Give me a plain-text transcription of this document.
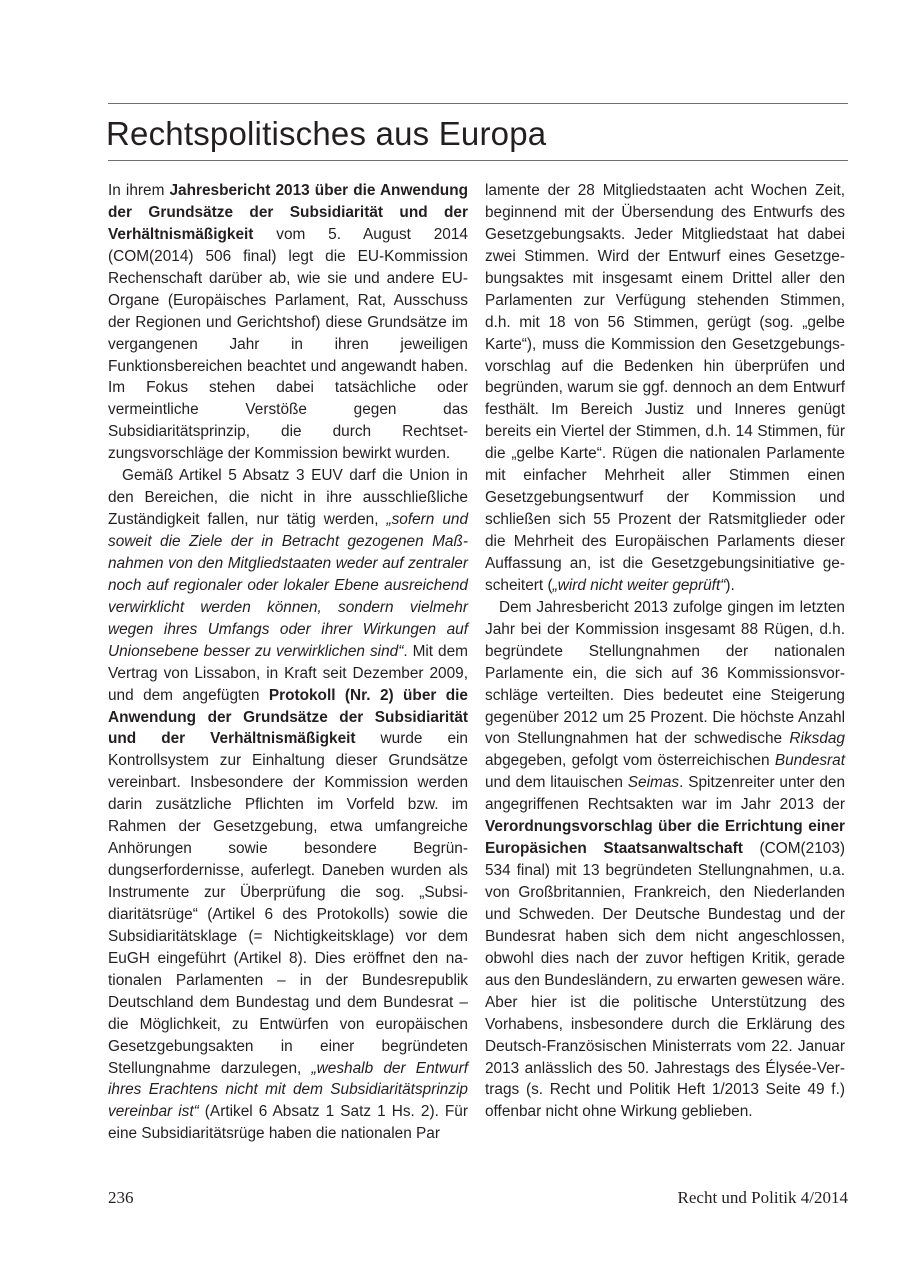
Rechtspolitisches aus Europa

In ihrem Jahresbericht 2013 über die Anwendung der Grundsätze der Subsidiarität und der Verhältnismäßigkeit vom 5. August 2014 (COM(2014) 506 final) legt die EU-Kommission Rechenschaft darüber ab, wie sie und andere EU-Organe (Europäisches Parlament, Rat, Ausschuss der Regionen und Gerichtshof) diese Grundsätze im vergangenen Jahr in ihren jeweiligen Funktionsbereichen beachtet und angewandt haben. Im Fokus stehen dabei tatsächliche oder vermeintliche Verstöße gegen das Subsidiaritätsprinzip, die durch Rechtsetzungsvorschläge der Kommission bewirkt wurden.

Gemäß Artikel 5 Absatz 3 EUV darf die Union in den Bereichen, die nicht in ihre ausschließliche Zuständigkeit fallen, nur tätig werden, „sofern und soweit die Ziele der in Betracht gezogenen Maßnahmen von den Mitgliedstaaten weder auf zentraler noch auf regionaler oder lokaler Ebene ausreichend verwirklicht werden können, sondern vielmehr wegen ihres Umfangs oder ihrer Wirkungen auf Unionsebene besser zu verwirklichen sind“. Mit dem Vertrag von Lissabon, in Kraft seit Dezember 2009, und dem angefügten Protokoll (Nr. 2) über die Anwendung der Grundsätze der Subsidiarität und der Verhältnismäßigkeit wurde ein Kontrollsystem zur Einhaltung dieser Grundsätze vereinbart. Insbesondere der Kommission werden darin zusätzliche Pflichten im Vorfeld bzw. im Rahmen der Gesetzgebung, etwa umfangreiche Anhörungen sowie besondere Begründungserfordernisse, auferlegt. Daneben wurden als Instrumente zur Überprüfung die sog. „Subsidiaritätsrüge“ (Artikel 6 des Protokolls) sowie die Subsidiaritätsklage (= Nichtigkeitsklage) vor dem EuGH eingeführt (Artikel 8). Dies eröffnet den nationalen Parlamenten – in der Bundesrepublik Deutschland dem Bundestag und dem Bundesrat – die Möglichkeit, zu Entwürfen von europäischen Gesetzgebungsakten in einer begründeten Stellungnahme darzulegen, „weshalb der Entwurf ihres Erachtens nicht mit dem Subsidiaritätsprinzip vereinbar ist“ (Artikel 6 Absatz 1 Satz 1 Hs. 2). Für eine Subsidiaritätsrüge haben die nationalen Par

lamente der 28 Mitgliedstaaten acht Wochen Zeit, beginnend mit der Übersendung des Entwurfs des Gesetzgebungsakts. Jeder Mitgliedstaat hat dabei zwei Stimmen. Wird der Entwurf eines Gesetzgebungsaktes mit insgesamt einem Drittel aller den Parlamenten zur Verfügung stehenden Stimmen, d.h. mit 18 von 56 Stimmen, gerügt (sog. „gelbe Karte“), muss die Kommission den Gesetzgebungsvorschlag auf die Bedenken hin überprüfen und begründen, warum sie ggf. dennoch an dem Entwurf festhält. Im Bereich Justiz und Inneres genügt bereits ein Viertel der Stimmen, d.h. 14 Stimmen, für die „gelbe Karte“. Rügen die nationalen Parlamente mit einfacher Mehrheit aller Stimmen einen Gesetzgebungsentwurf der Kommission und schließen sich 55 Prozent der Ratsmitglieder oder die Mehrheit des Europäischen Parlaments dieser Auffassung an, ist die Gesetzgebungsinitiative gescheitert („wird nicht weiter geprüft“).

Dem Jahresbericht 2013 zufolge gingen im letzten Jahr bei der Kommission insgesamt 88 Rügen, d.h. begründete Stellungnahmen der nationalen Parlamente ein, die sich auf 36 Kommissionsvorschläge verteilten. Dies bedeutet eine Steigerung gegenüber 2012 um 25 Prozent. Die höchste Anzahl von Stellungnahmen hat der schwedische Riksdag abgegeben, gefolgt vom österreichischen Bundesrat und dem litauischen Seimas. Spitzenreiter unter den angegriffenen Rechtsakten war im Jahr 2013 der Verordnungsvorschlag über die Errichtung einer Europäsichen Staatsanwaltschaft (COM(2103) 534 final) mit 13 begründeten Stellungnahmen, u.a. von Großbritannien, Frankreich, den Niederlanden und Schweden. Der Deutsche Bundestag und der Bundesrat haben sich dem nicht angeschlossen, obwohl dies nach der zuvor heftigen Kritik, gerade aus den Bundesländern, zu erwarten gewesen wäre. Aber hier ist die politische Unterstützung des Vorhabens, insbesondere durch die Erklärung des Deutsch-Französischen Ministerrats vom 22. Januar 2013 anlässlich des 50. Jahrestags des Élysée-Vertrags (s. Recht und Politik Heft 1/2013 Seite 49 f.) offenbar nicht ohne Wirkung geblieben.

236	Recht und Politik 4/2014
